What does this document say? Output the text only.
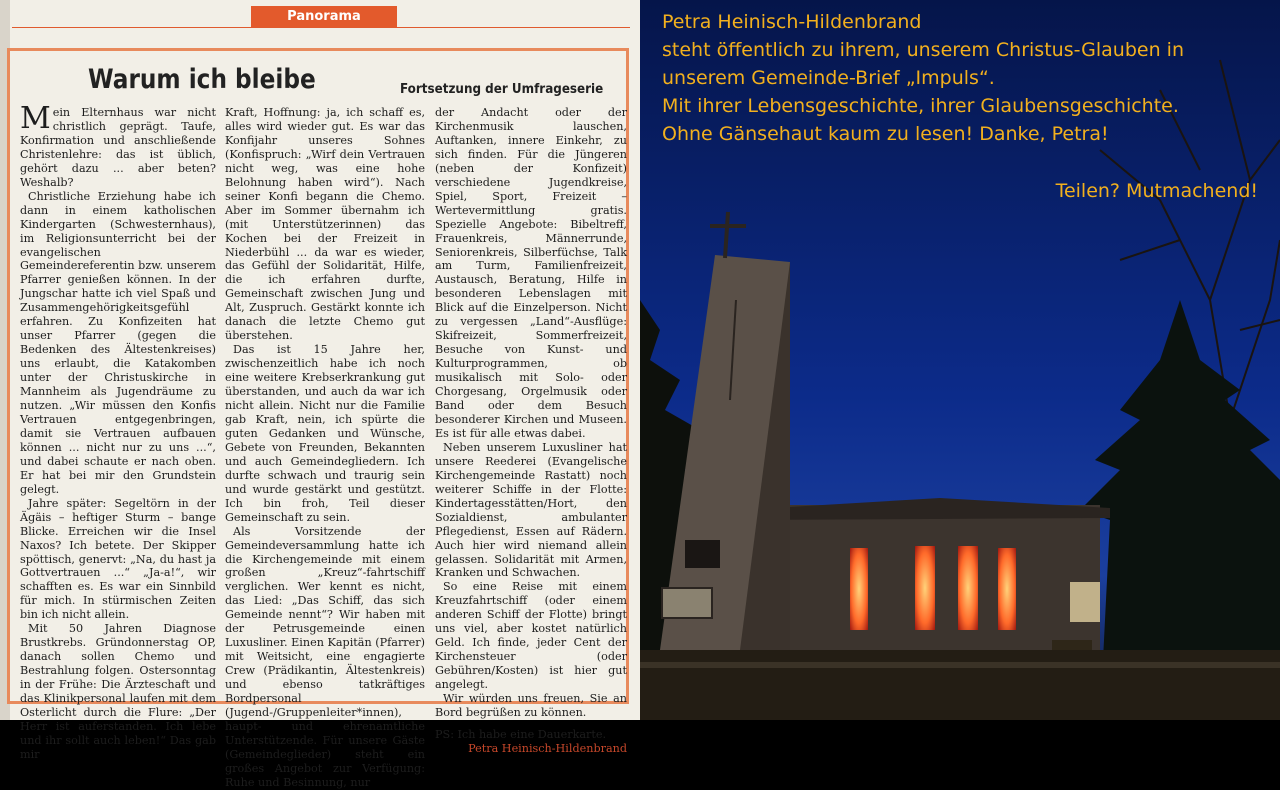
Panorama
Warum ich bleibe	Fortsetzung der Umfrageserie

Mein Elternhaus war nicht christlich geprägt. Taufe, Konfirmation und anschließende Christenlehre: das ist üblich, gehört dazu ... aber beten? Weshalb?

Christliche Erziehung habe ich dann in einem katholischen Kindergarten (Schwesternhaus), im Religionsunterricht bei der evangelischen Gemeindereferentin bzw. unserem Pfarrer genießen können. In der Jungschar hatte ich viel Spaß und Zusammengehörigkeitsgefühl erfahren. Zu Konfizeiten hat unser Pfarrer (gegen die Bedenken des Ältestenkreises) uns erlaubt, die Katakomben unter der Christuskirche in Mannheim als Jugendräume zu nutzen. „Wir müssen den Konfis Vertrauen entgegenbringen, damit sie Vertrauen aufbauen können ... nicht nur zu uns ...“, und dabei schaute er nach oben. Er hat bei mir den Grundstein gelegt.

Jahre später: Segeltörn in der Ägäis – heftiger Sturm – bange Blicke. Erreichen wir die Insel Naxos? Ich betete. Der Skipper spöttisch, genervt: „Na, du hast ja Gottvertrauen ...“ „Ja-a!“, wir schafften es. Es war ein Sinnbild für mich. In stürmischen Zeiten bin ich nicht allein.

Mit 50 Jahren Diagnose Brustkrebs. Gründonnerstag OP, danach sollen Chemo und Bestrahlung folgen. Ostersonntag in der Frühe: Die Ärzteschaft und das Klinikpersonal laufen mit dem Osterlicht durch die Flure: „Der Herr ist auferstanden. Ich lebe und ihr sollt auch leben!“ Das gab mir

Kraft, Hoffnung: ja, ich schaff es, alles wird wieder gut. Es war das Konfijahr unseres Sohnes (Konfispruch: „Wirf dein Vertrauen nicht weg, was eine hohe Belohnung haben wird“). Nach seiner Konfi begann die Chemo. Aber im Sommer übernahm ich (mit Unterstützerinnen) das Kochen bei der Freizeit in Niederbühl ... da war es wieder, das Gefühl der Solidarität, Hilfe, die ich erfahren durfte, Gemeinschaft zwischen Jung und Alt, Zuspruch. Gestärkt konnte ich danach die letzte Chemo gut überstehen.

Das ist 15 Jahre her, zwischenzeitlich habe ich noch eine weitere Krebserkrankung gut überstanden, und auch da war ich nicht allein. Nicht nur die Familie gab Kraft, nein, ich spürte die guten Gedanken und Wünsche, Gebete von Freunden, Bekannten und auch Gemeindegliedern. Ich durfte schwach und traurig sein und wurde gestärkt und gestützt. Ich bin froh, Teil dieser Gemeinschaft zu sein.

Als Vorsitzende der Gemeindeversammlung hatte ich die Kirchengemeinde mit einem großen „Kreuz“-fahrtschiff verglichen. Wer kennt es nicht, das Lied: „Das Schiff, das sich Gemeinde nennt“? Wir haben mit der Petrusgemeinde einen Luxusliner. Einen Kapitän (Pfarrer) mit Weitsicht, eine engagierte Crew (Prädikantin, Ältestenkreis) und ebenso tatkräftiges Bordpersonal (Jugend-/Gruppenleiter*innen), haupt- und ehrenamtliche Unterstützende. Für unsere Gäste (Gemeindeglieder) steht ein großes Angebot zur Verfügung: Ruhe und Besinnung, nur

der Andacht oder der Kirchenmusik lauschen, Auftanken, innere Einkehr, zu sich finden. Für die Jüngeren (neben der Konfizeit) verschiedene Jugendkreise, Spiel, Sport, Freizeit – Wertevermittlung gratis. Spezielle Angebote: Bibeltreff, Frauenkreis, Männerrunde, Seniorenkreis, Silberfüchse, Talk am Turm, Familienfreizeit, Austausch, Beratung, Hilfe in besonderen Lebenslagen mit Blick auf die Einzelperson. Nicht zu vergessen „Land“-Ausflüge: Skifreizeit, Sommerfreizeit, Besuche von Kunst- und Kulturprogrammen, ob musikalisch mit Solo- oder Chorgesang, Orgelmusik oder Band oder dem Besuch besonderer Kirchen und Museen. Es ist für alle etwas dabei.

Neben unserem Luxusliner hat unsere Reederei (Evangelische Kirchengemeinde Rastatt) noch weiterer Schiffe in der Flotte: Kindertagesstätten/Hort, den Sozialdienst, ambulanter Pflegedienst, Essen auf Rädern. Auch hier wird niemand allein gelassen. Solidarität mit Armen, Kranken und Schwachen.

So eine Reise mit einem Kreuzfahrtschiff (oder einem anderen Schiff der Flotte) bringt uns viel, aber kostet natürlich Geld. Ich finde, jeder Cent der Kirchensteuer (oder Gebühren/Kosten) ist hier gut angelegt.

Wir würden uns freuen, Sie an Bord begrüßen zu können.

PS: Ich habe eine Dauerkarte.

Petra Heinisch-Hildenbrand

Petra Heinisch-Hildenbrand
steht öffentlich zu ihrem, unserem Christus-Glauben in
unserem Gemeinde-Brief „Impuls“.
Mit ihrer Lebensgeschichte, ihrer Glaubensgeschichte.
Ohne Gänsehaut kaum zu lesen! Danke, Petra!
Teilen? Mutmachend!
